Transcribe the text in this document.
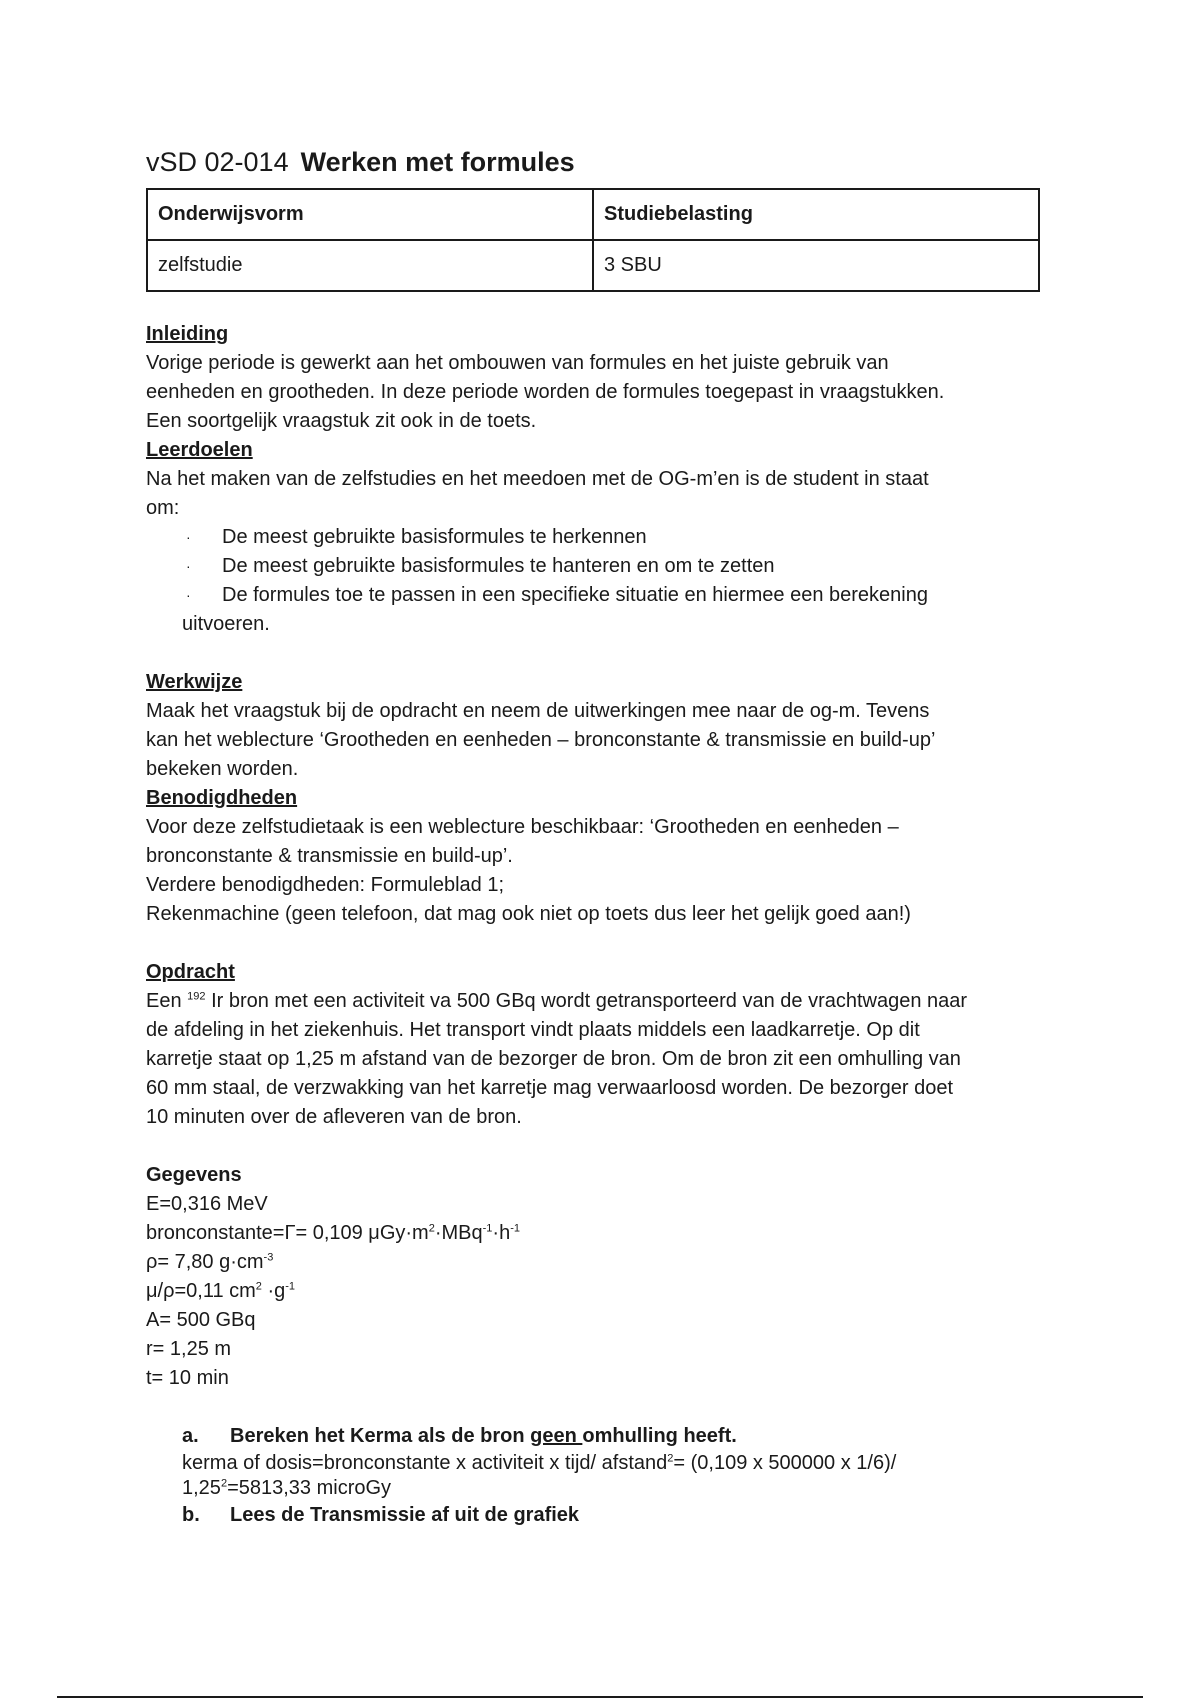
vSD 02-014 Werken met formules
Onderwijsvorm	Studiebelasting
zelfstudie	3 SBU

Inleiding

Vorige periode is gewerkt aan het ombouwen van formules en het juiste gebruik van

eenheden en grootheden. In deze periode worden de formules toegepast in vraagstukken.

Een soortgelijk vraagstuk zit ook in de toets.

Leerdoelen

Na het maken van de zelfstudies en het meedoen met de OG-m’en is de student in staat

om:

·	De meest gebruikte basisformules te herkennen
·	De meest gebruikte basisformules te hanteren en om te zetten
·	De formules toe te passen in een specifieke situatie en hiermee een berekening

uitvoeren.

Werkwijze

Maak het vraagstuk bij de opdracht en neem de uitwerkingen mee naar de og-m. Tevens

kan het weblecture ‘Grootheden en eenheden – bronconstante & transmissie en build-up’

bekeken worden.

Benodigdheden

Voor deze zelfstudietaak is een weblecture beschikbaar: ‘Grootheden en eenheden –

bronconstante & transmissie en build-up’.

Verdere benodigdheden: Formuleblad 1;

Rekenmachine (geen telefoon, dat mag ook niet op toets dus leer het gelijk goed aan!)

Opdracht

Een $^{192}$ Ir bron met een activiteit va 500 GBq wordt getransporteerd van de vrachtwagen naar

de afdeling in het ziekenhuis. Het transport vindt plaats middels een laadkarretje. Op dit

karretje staat op 1,25 m afstand van de bezorger de bron. Om de bron zit een omhulling van

60 mm staal, de verzwakking van het karretje mag verwaarloosd worden. De bezorger doet

10 minuten over de afleveren van de bron.

Gegevens

E=0,316 MeV

bronconstante=Γ= 0,109 $\mu Gy\cdot m^2\cdot MBq^{-1}\cdot h^{-1}$

ρ= 7,80 $g\cdot cm^{-3}$

μ/ρ=0,11 $cm^2 \cdot g^{-1}$

A= 500 GBq

r= 1,25 m

t= 10 min

a.	Bereken het Kerma als de bron geen omhulling heeft.

kerma of dosis=bronconstante x activiteit x tijd/ afstand$^2$= (0,109 x 500000 x 1/6)/

$1,25^2=5813,33$ microGy

b.	Lees de Transmissie af uit de grafiek
